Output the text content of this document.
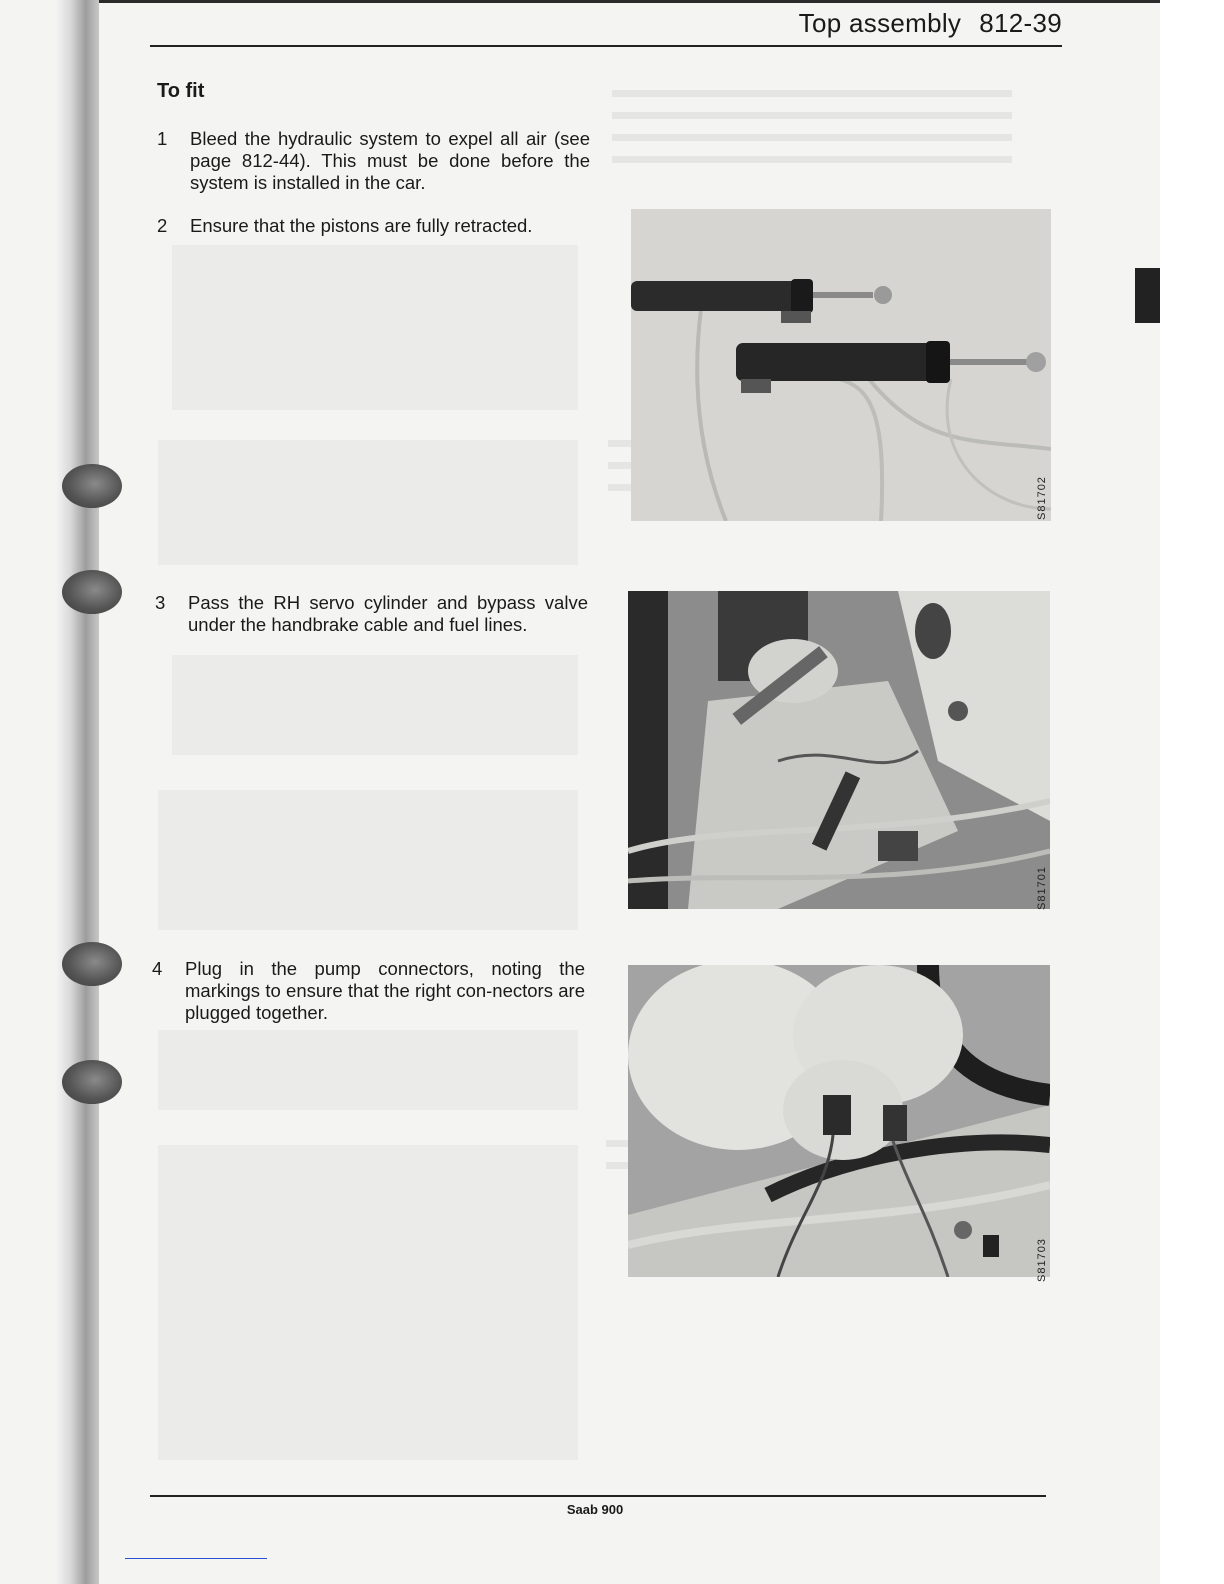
Top assembly 812-39
To fit
1	Bleed the hydraulic system to expel all air (see page 812-44). This must be done before the system is installed in the car.
2	Ensure that the pistons are fully retracted.
3	Pass the RH servo cylinder and bypass valve under the handbrake cable and fuel lines.
4	Plug in the pump connectors, noting the markings to ensure that the right con-nectors are plugged together.
S81702
S81701
S81703
Saab 900
